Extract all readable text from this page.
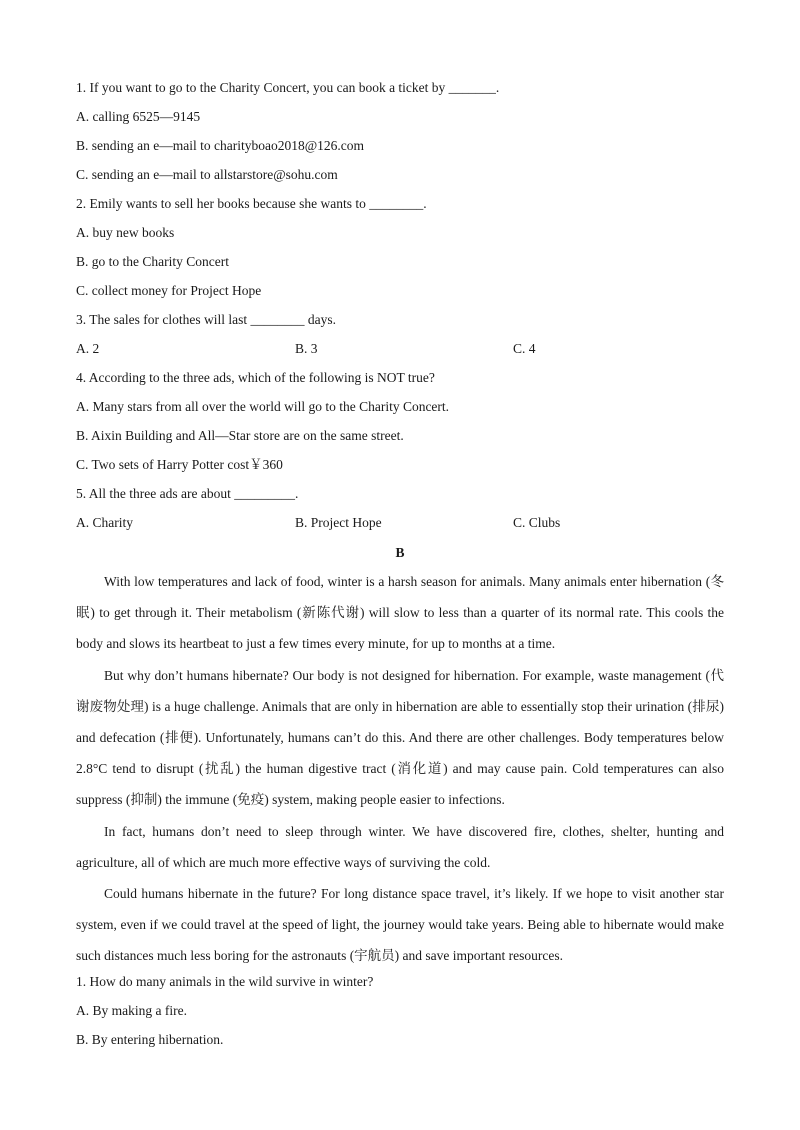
1. If you want to go to the Charity Concert, you can book a ticket by _______.
A. calling 6525—9145
B. sending an e—mail to charityboao2018@126.com
C. sending an e—mail to allstarstore@sohu.com
2. Emily wants to sell her books because she wants to ________.
A. buy new books
B. go to the Charity Concert
C. collect money for Project Hope
3. The sales for clothes will last ________ days.
A. 2	B. 3	C. 4
4. According to the three ads, which of the following is NOT true?
A. Many stars from all over the world will go to the Charity Concert.
B. Aixin Building and All—Star store are on the same street.
C. Two sets of Harry Potter cost￥360
5. All the three ads are about _________.
A. Charity	B. Project Hope	C. Clubs
B

With low temperatures and lack of food, winter is a harsh season for animals. Many animals enter hibernation (冬眠) to get through it. Their metabolism (新陈代谢) will slow to less than a quarter of its normal rate. This cools the body and slows its heartbeat to just a few times every minute, for up to months at a time.

But why don’t humans hibernate? Our body is not designed for hibernation. For example, waste management (代谢废物处理) is a huge challenge. Animals that are only in hibernation are able to essentially stop their urination (排尿) and defecation (排便). Unfortunately, humans can’t do this. And there are other challenges. Body temperatures below 2.8°C tend to disrupt (扰乱) the human digestive tract (消化道) and may cause pain. Cold temperatures can also suppress (抑制) the immune (免疫) system, making people easier to infections.

In fact, humans don’t need to sleep through winter. We have discovered fire, clothes, shelter, hunting and agriculture, all of which are much more effective ways of surviving the cold.

Could humans hibernate in the future? For long distance space travel, it’s likely. If we hope to visit another star system, even if we could travel at the speed of light, the journey would take years. Being able to hibernate would make such distances much less boring for the astronauts (宇航员) and save important resources.

1. How do many animals in the wild survive in winter?
A. By making a fire.
B. By entering hibernation.
